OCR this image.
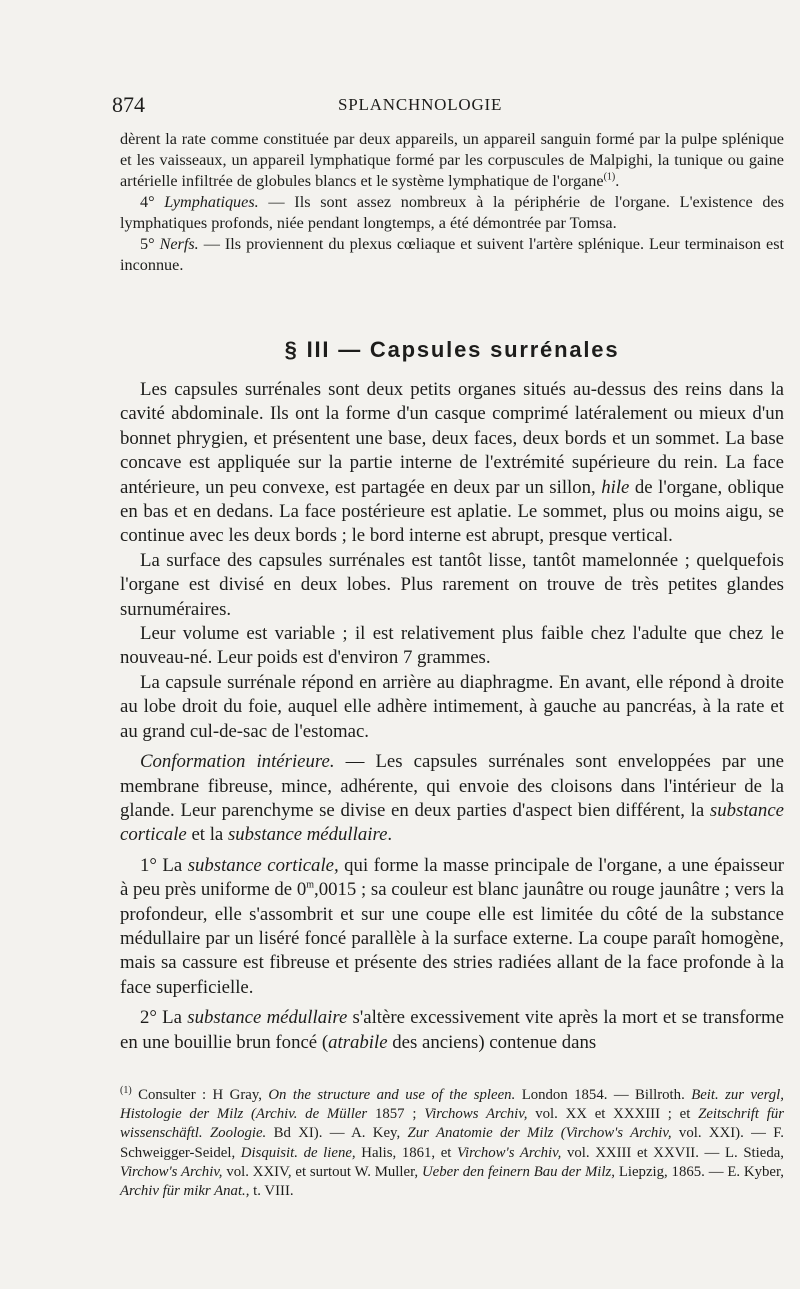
874	SPLANCHNOLOGIE

dèrent la rate comme constituée par deux appareils, un appareil sanguin formé par la pulpe splénique et les vaisseaux, un appareil lymphatique formé par les corpuscules de Malpighi, la tunique ou gaine artérielle infiltrée de globules blancs et le système lymphatique de l'organe$^{(1)}$.

4° Lymphatiques. — Ils sont assez nombreux à la périphérie de l'organe. L'existence des lymphatiques profonds, niée pendant longtemps, a été démontrée par Tomsa.

5° Nerfs. — Ils proviennent du plexus cœliaque et suivent l'artère splénique. Leur terminaison est inconnue.

§ III — Capsules surrénales

Les capsules surrénales sont deux petits organes situés au-dessus des reins dans la cavité abdominale. Ils ont la forme d'un casque comprimé latéralement ou mieux d'un bonnet phrygien, et présentent une base, deux faces, deux bords et un sommet. La base concave est appliquée sur la partie interne de l'extrémité supérieure du rein. La face antérieure, un peu convexe, est partagée en deux par un sillon, hile de l'organe, oblique en bas et en dedans. La face postérieure est aplatie. Le sommet, plus ou moins aigu, se continue avec les deux bords ; le bord interne est abrupt, presque vertical.

La surface des capsules surrénales est tantôt lisse, tantôt mamelonnée ; quelquefois l'organe est divisé en deux lobes. Plus rarement on trouve de très petites glandes surnuméraires.

Leur volume est variable ; il est relativement plus faible chez l'adulte que chez le nouveau-né. Leur poids est d'environ 7 grammes.

La capsule surrénale répond en arrière au diaphragme. En avant, elle répond à droite au lobe droit du foie, auquel elle adhère intimement, à gauche au pancréas, à la rate et au grand cul-de-sac de l'estomac.

Conformation intérieure. — Les capsules surrénales sont enveloppées par une membrane fibreuse, mince, adhérente, qui envoie des cloisons dans l'intérieur de la glande. Leur parenchyme se divise en deux parties d'aspect bien différent, la substance corticale et la substance médullaire.

1° La substance corticale, qui forme la masse principale de l'organe, a une épaisseur à peu près uniforme de 0$^m$,0015 ; sa couleur est blanc jaunâtre ou rouge jaunâtre ; vers la profondeur, elle s'assombrit et sur une coupe elle est limitée du côté de la substance médullaire par un liséré foncé parallèle à la surface externe. La coupe paraît homogène, mais sa cassure est fibreuse et présente des stries radiées allant de la face profonde à la face superficielle.

2° La substance médullaire s'altère excessivement vite après la mort et se transforme en une bouillie brun foncé (atrabile des anciens) contenue dans

$^{(1)}$ Consulter : H Gray, On the structure and use of the spleen. London 1854. — Billroth. Beit. zur vergl, Histologie der Milz (Archiv. de Müller 1857 ; Virchows Archiv, vol. XX et XXXIII ; et Zeitschrift für wissenschäftl. Zoologie. Bd XI). — A. Key, Zur Anatomie der Milz (Virchow's Archiv, vol. XXI). — F. Schweigger-Seidel, Disquisit. de liene, Halis, 1861, et Virchow's Archiv, vol. XXIII et XXVII. — L. Stieda, Virchow's Archiv, vol. XXIV, et surtout W. Muller, Ueber den feinern Bau der Milz, Liepzig, 1865. — E. Kyber, Archiv für mikr Anat., t. VIII.
